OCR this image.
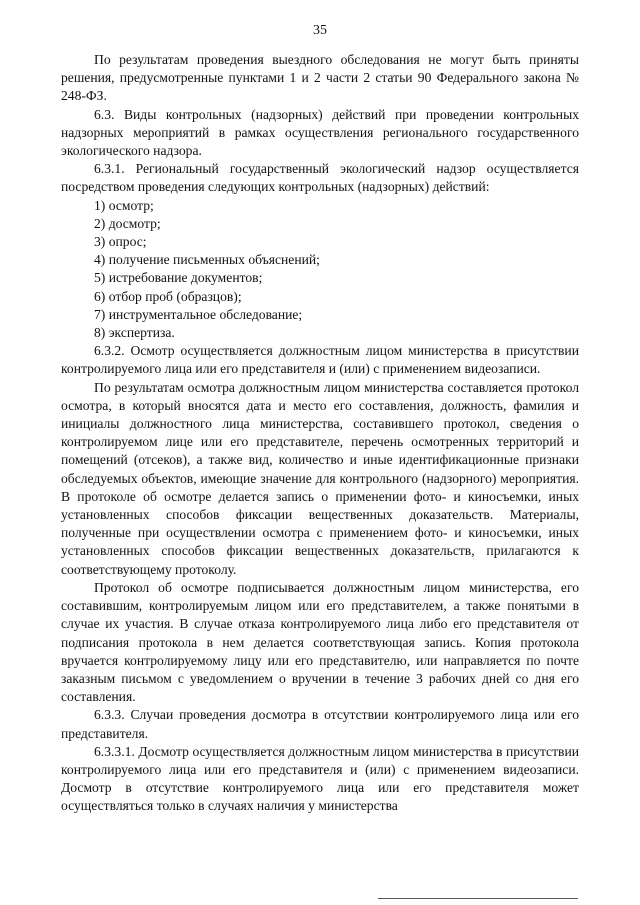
35

По результатам проведения выездного обследования не могут быть приняты решения, предусмотренные пунктами 1 и 2 части 2 статьи 90 Федерального закона № 248-ФЗ.

6.3. Виды контрольных (надзорных) действий при проведении контрольных надзорных мероприятий в рамках осуществления регионального государственного экологического надзора.

6.3.1. Региональный государственный экологический надзор осуществляется посредством проведения следующих контрольных (надзорных) действий:

1) осмотр;
2) досмотр;
3) опрос;
4) получение письменных объяснений;
5) истребование документов;
6) отбор проб (образцов);
7) инструментальное обследование;
8) экспертиза.

6.3.2. Осмотр осуществляется должностным лицом министерства в присутствии контролируемого лица или его представителя и (или) с применением видеозаписи.

По результатам осмотра должностным лицом министерства составляется протокол осмотра, в который вносятся дата и место его составления, должность, фамилия и инициалы должностного лица министерства, составившего протокол, сведения о контролируемом лице или его представителе, перечень осмотренных территорий и помещений (отсеков), а также вид, количество и иные идентификационные признаки обследуемых объектов, имеющие значение для контрольного (надзорного) мероприятия. В протоколе об осмотре делается запись о применении фото- и киносъемки, иных установленных способов фиксации вещественных доказательств. Материалы, полученные при осуществлении осмотра с применением фото- и киносъемки, иных установленных способов фиксации вещественных доказательств, прилагаются к соответствующему протоколу.

Протокол об осмотре подписывается должностным лицом министерства, его составившим, контролируемым лицом или его представителем, а также понятыми в случае их участия. В случае отказа контролируемого лица либо его представителя от подписания протокола в нем делается соответствующая запись. Копия протокола вручается контролируемому лицу или его представителю, или направляется по почте заказным письмом с уведомлением о вручении в течение 3 рабочих дней со дня его составления.

6.3.3. Случаи проведения досмотра в отсутствии контролируемого лица или его представителя.

6.3.3.1. Досмотр осуществляется должностным лицом министерства в присутствии контролируемого лица или его представителя и (или) с применением видеозаписи. Досмотр в отсутствие контролируемого лица или его представителя может осуществляться только в случаях наличия у министерства
